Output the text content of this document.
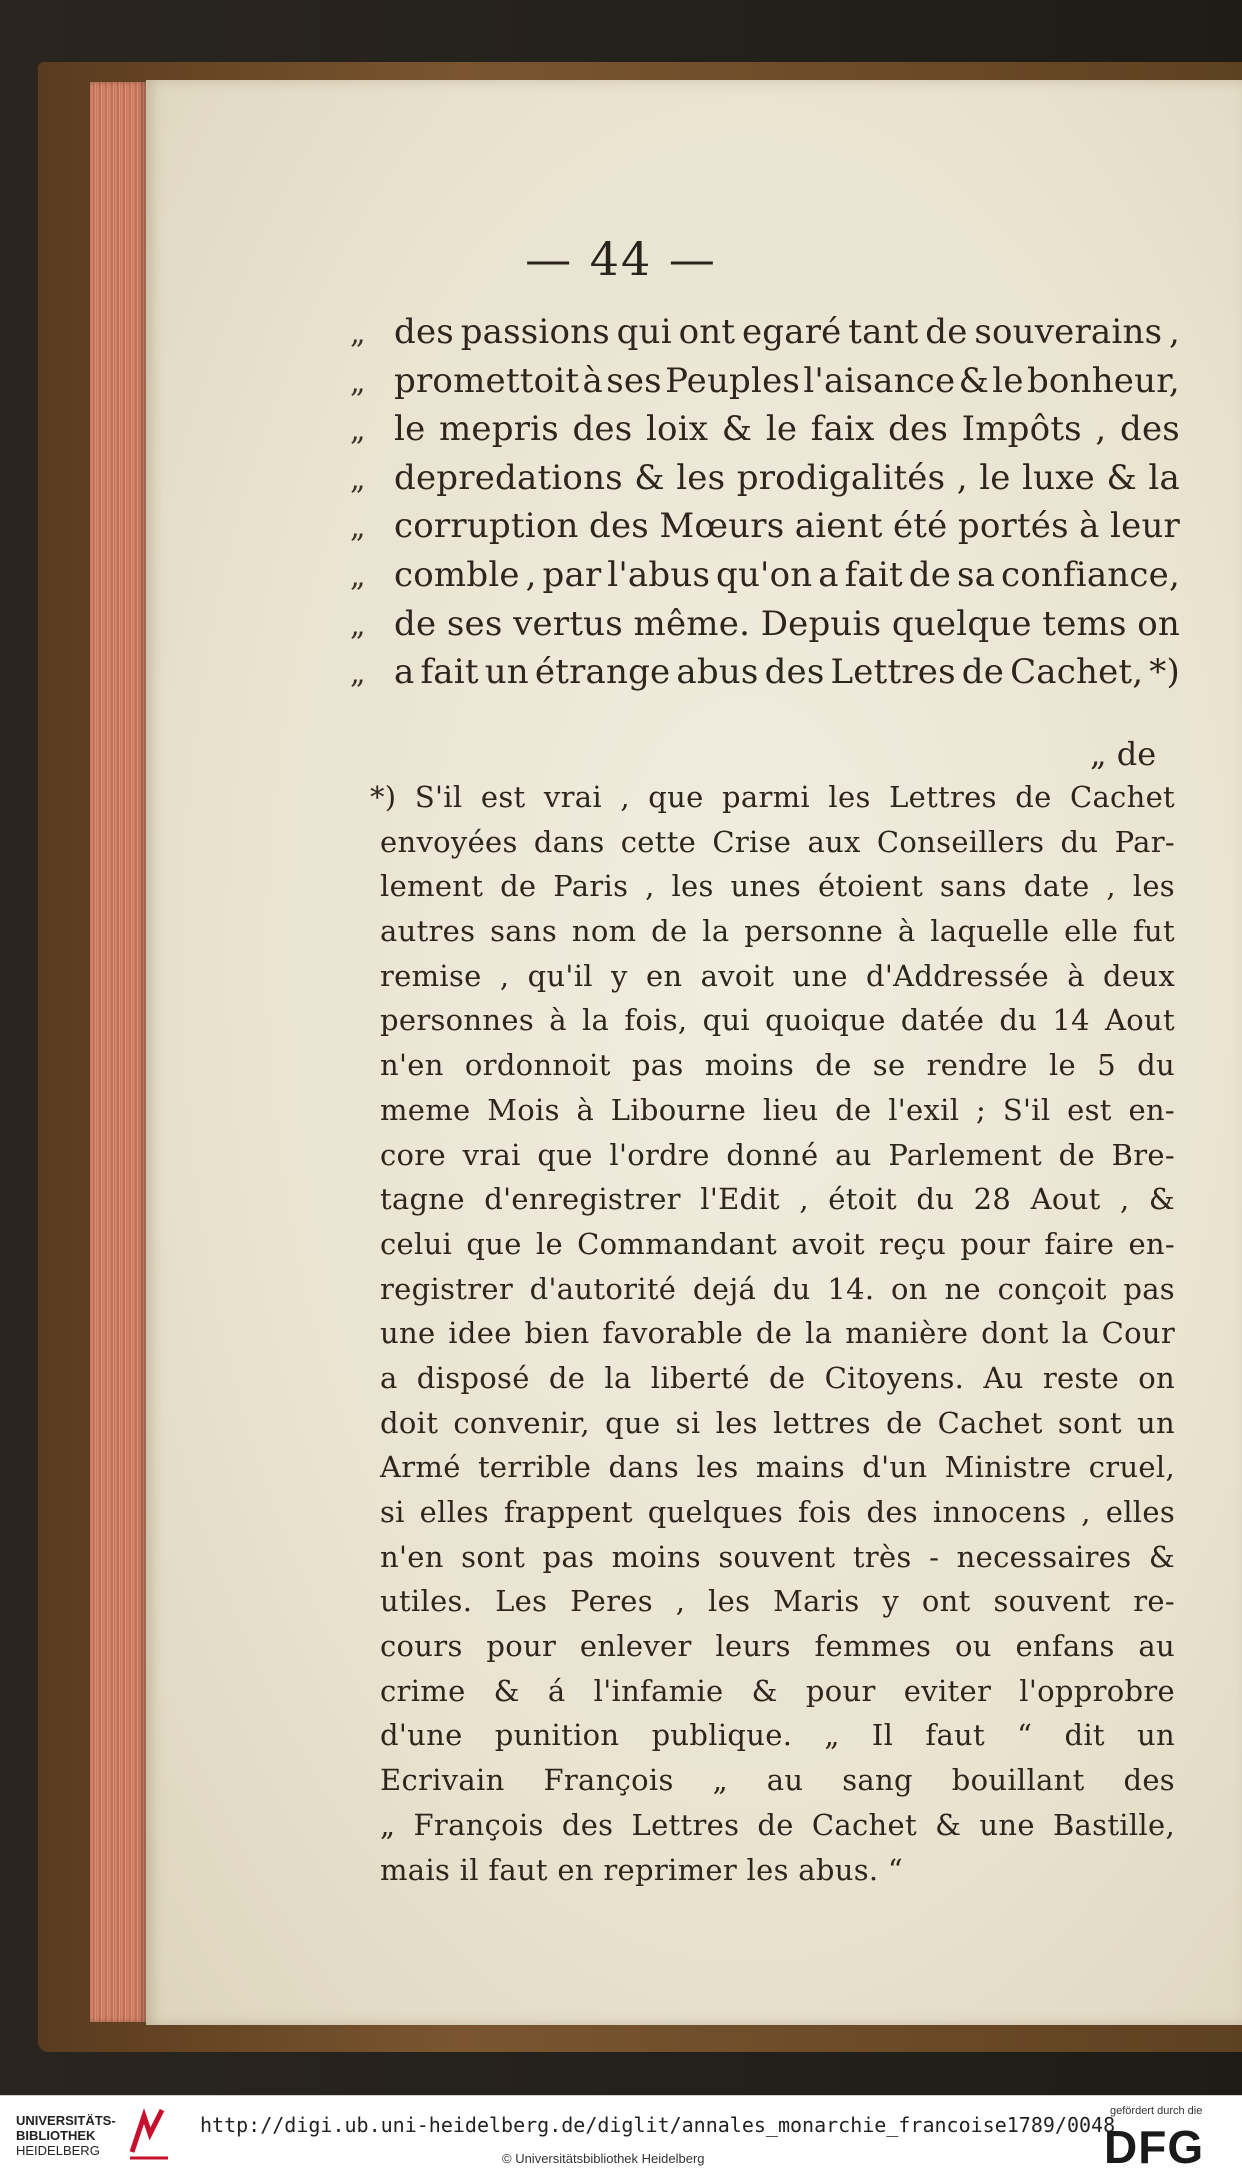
— 44 —
„ des passions qui ont egaré tant de souverains ,
„ promettoit à ses Peuples l'aisance & le bonheur,
„ le mepris des loix & le faix des Impôts , des
„ depredations & les prodigalités , le luxe & la
„ corruption des Mœurs aient été portés à leur
„ comble , par l'abus qu'on a fait de sa confiance,
„ de ses vertus même. Depuis quelque tems on
„ a fait un étrange abus des Lettres de Cachet, *)
„ de
*) S'il est vrai , que parmi les Lettres de Cachet
envoyées dans cette Crise aux Conseillers du Par-
lement de Paris , les unes étoient sans date , les
autres sans nom de la personne à laquelle elle fut
remise , qu'il y en avoit une d'Addressée à deux
personnes à la fois, qui quoique datée du 14 Aout
n'en ordonnoit pas moins de se rendre le 5 du
meme Mois à Libourne lieu de l'exil ; S'il est en-
core vrai que l'ordre donné au Parlement de Bre-
tagne d'enregistrer l'Edit , étoit du 28 Aout , &
celui que le Commandant avoit reçu pour faire en-
registrer d'autorité dejá du 14. on ne conçoit pas
une idee bien favorable de la manière dont la Cour
a disposé de la liberté de Citoyens. Au reste on
doit convenir, que si les lettres de Cachet sont un
Armé terrible dans les mains d'un Ministre cruel,
si elles frappent quelques fois des innocens , elles
n'en sont pas moins souvent très - necessaires &
utiles. Les Peres , les Maris y ont souvent re-
cours pour enlever leurs femmes ou enfans au
crime & á l'infamie & pour eviter l'opprobre
d'une punition publique. „ Il faut “ dit un
Ecrivain François „ au sang bouillant des
„ François des Lettres de Cachet & une Bastille,
mais il faut en reprimer les abus. “
UNIVERSITÄTS-
BIBLIOTHEK
HEIDELBERG
http://digi.ub.uni-heidelberg.de/diglit/annales_monarchie_francoise1789/0048
© Universitätsbibliothek Heidelberg
gefördert durch die
DFG
